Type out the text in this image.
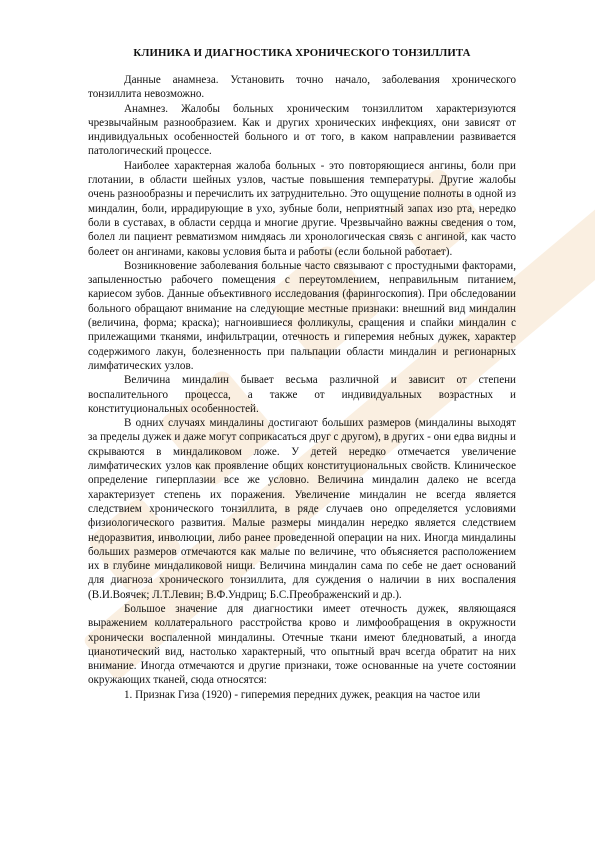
КЛИНИКА И ДИАГНОСТИКА ХРОНИЧЕСКОГО ТОНЗИЛЛИТА

Данные анамнеза. Установить точно начало, заболевания хронического тонзиллита невозможно.

Анамнез. Жалобы больных хроническим тонзиллитом характеризуются чрезвычайным разнообразием. Как и других хронических инфекциях, они зависят от индивидуальных особенностей больного и от того, в каком направлении развивается патологический процессе.

Наиболее характерная жалоба больных - это повторяющиеся ангины, боли при глотании, в области шейных узлов, частые повышения температуры. Другие жалобы очень разнообразны и перечислить их затруднительно. Это ощущение полноты в одной из миндалин, боли, иррадирующие в ухо, зубные боли, неприятный запах изо рта, нередко боли в суставах, в области сердца и многие другие. Чрезвычайно важны сведения о том, болел ли пациент ревматизмом нимдяась ли хронологическая связь с ангиной, как часто болеет он ангинами, каковы условия быта и работы (если больной работает).

Возникновение заболевания больные часто связывают с простудными факторами, запыленностью рабочего помещения с переутомлением, неправильным питанием, кариесом зубов. Данные объективного исследования (фарингоскопия). При обследовании больного обращают внимание на следующие местные признаки: внешний вид миндалин (величина, форма; краска); нагноившиеся фолликулы, сращения и спайки миндалин с прилежащими тканями, инфильтрации, отечность и гиперемия небных дужек, характер содержимого лакун, болезненность при пальпации области миндалин и регионарных лимфатических узлов.

Величина миндалин бывает весьма различной и зависит от степени воспалительного процесса, а также от индивидуальных возрастных и конституциональных особенностей.

В одних случаях миндалины достигают больших размеров (миндалины выходят за пределы дужек и даже могут соприкасаться друг с другом), в других - они едва видны и скрываются в миндаликовом ложе. У детей нередко отмечается увеличение лимфатических узлов как проявление общих конституциональных свойств. Клиническое определение гиперплазии все же условно. Величина миндалин далеко не всегда характеризует степень их поражения. Увеличение миндалин не всегда является следствием хронического тонзиллита, в ряде случаев оно определяется условиями физиологического развития. Малые размеры миндалин нередко является следствием недоразвития, инволюции, либо ранее проведенной операции на них. Иногда миндалины больших размеров отмечаются как малые по величине, что объясняется расположением их в глубине миндаликовой нищи. Величина миндалин сама по себе не дает оснований для диагноза хронического тонзиллита, для суждения о наличии в них воспаления (В.И.Воячек; Л.Т.Левин; В.Ф.Ундриц; Б.С.Преображенский и др.).

Большое значение для диагностики имеет отечность дужек, являющаяся выражением коллатерального расстройства крово и лимфообращения в окружности хронически воспаленной миндалины. Отечные ткани имеют бледноватый, а иногда цианотический вид, настолько характерный, что опытный врач всегда обратит на них внимание. Иногда отмечаются и другие признаки, тоже основанные на учете состоянии окружающих тканей, сюда относятся:

1. Признак Гиза (1920) - гиперемия передних дужек, реакция на частое или
